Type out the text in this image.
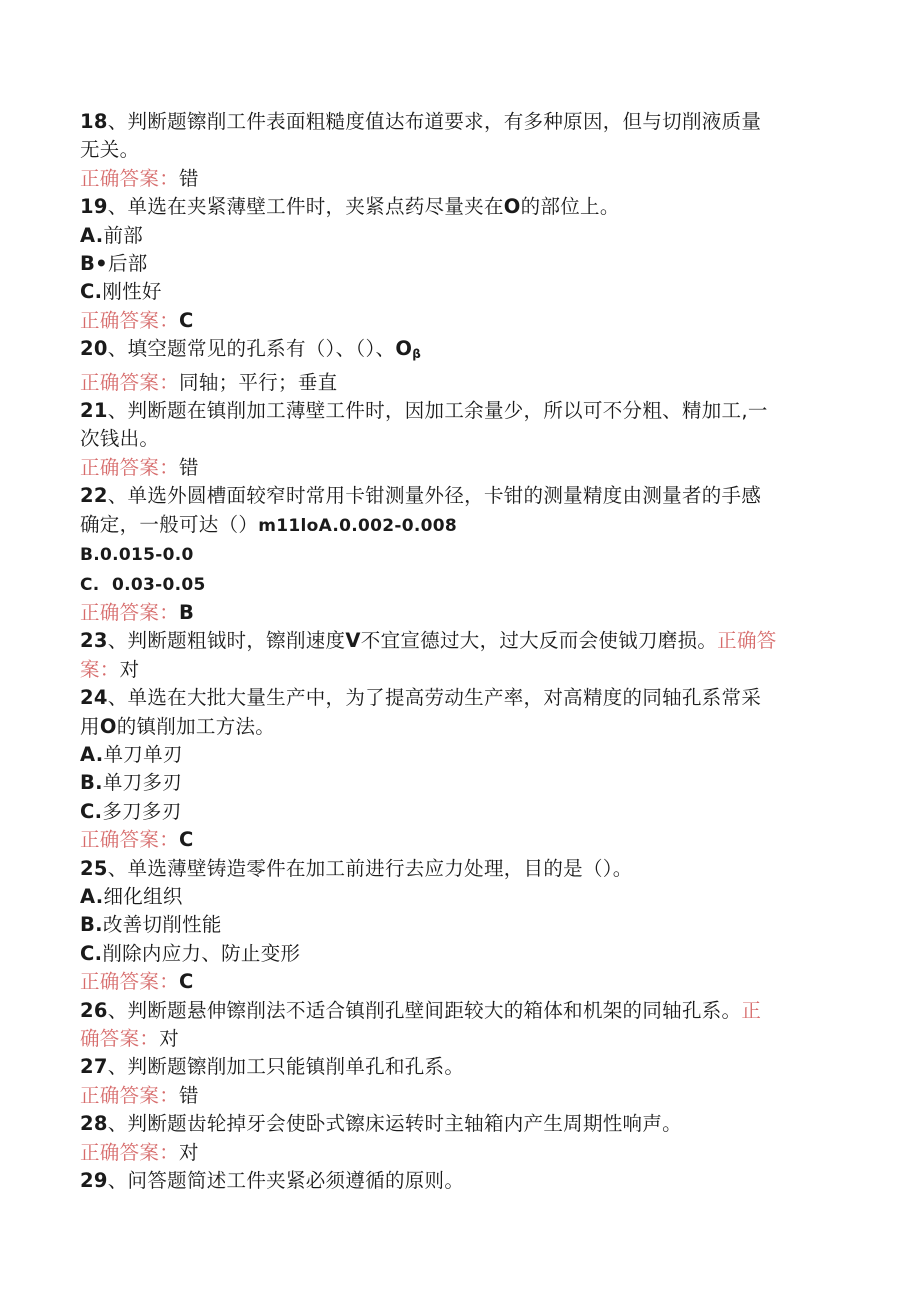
18、判断题镲削工件表面粗糙度值达布道要求，有多种原因，但与切削液质量
无关。
正确答案：错
19、单选在夹紧薄壁工件时，夹紧点药尽量夹在O的部位上。
A.前部
B•后部
C.刚性好
正确答案：C
20、填空题常见的孔系有（）、（）、$O_\beta$
正确答案：同轴；平行；垂直
21、判断题在镇削加工薄壁工件时，因加工余量少，所以可不分粗、精加工,一
次钱出。
正确答案：错
22、单选外圆槽面较窄时常用卡钳测量外径，卡钳的测量精度由测量者的手感
确定，一般可达（）m11loA.0.002-0.008
B.0.015-0.0
C.  0.03-0.05
正确答案：B
23、判断题粗钺时，镲削速度V不宜宣德过大，过大反而会使钺刀磨损。正确答
案：对
24、单选在大批大量生产中，为了提高劳动生产率，对高精度的同轴孔系常采
用O的镇削加工方法。
A.单刀单刃
B.单刀多刃
C.多刀多刃
正确答案：C
25、单选薄壁铸造零件在加工前进行去应力处理，目的是（）。
A.细化组织
B.改善切削性能
C.削除内应力、防止变形
正确答案：C
26、判断题悬伸镲削法不适合镇削孔壁间距较大的箱体和机架的同轴孔系。正
确答案：对
27、判断题镲削加工只能镇削单孔和孔系。
正确答案：错
28、判断题齿轮掉牙会使卧式镲床运转时主轴箱内产生周期性响声。
正确答案：对
29、问答题简述工件夹紧必须遵循的原则。
